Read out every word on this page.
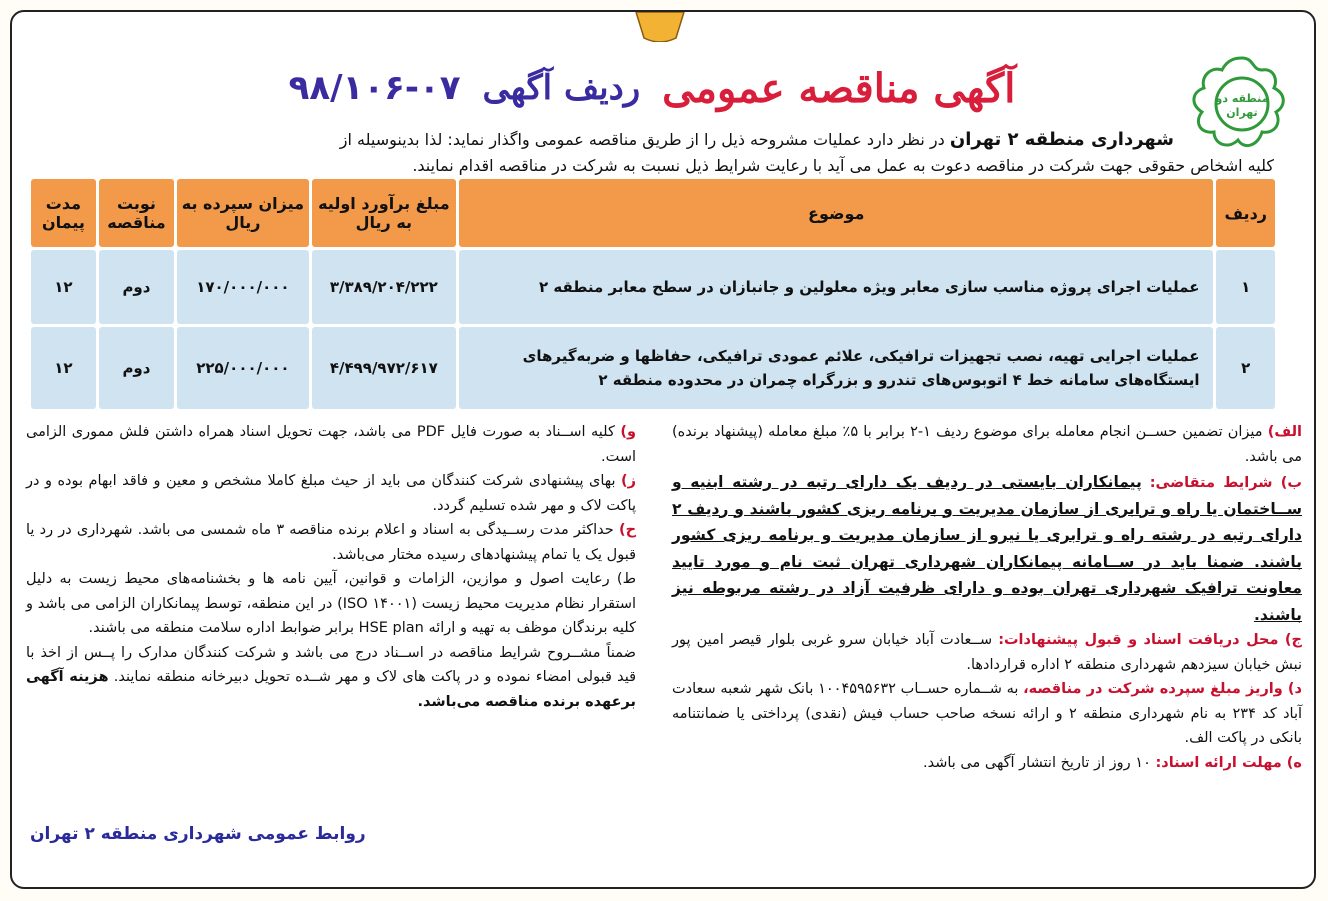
منطقه دو
تهران
آگهی مناقصه عمومی
ردیف آگهی
۹۸/۱۰۶-۰۷
شهرداری منطقه ۲ تهران در نظر دارد عملیات مشروحه ذیل را از طریق مناقصه عمومی واگذار نماید: لذا بدینوسیله از
کلیه اشخاص حقوقی جهت شرکت در مناقصه دعوت به عمل می آید با رعایت شرایط ذیل نسبت به شرکت در مناقصه اقدام نمایند.
ردیف	موضوع	مبلغ برآورد اولیه به ریال	میزان سپرده به ریال	نوبت مناقصه	مدت پیمان
۱	عملیات اجرای پروژه مناسب سازی معابر ویژه معلولین و جانبازان در سطح معابر منطقه ۲	۳/۳۸۹/۲۰۴/۲۲۲	۱۷۰/۰۰۰/۰۰۰	دوم	۱۲
۲	عملیات اجرایی تهیه، نصب تجهیزات ترافیکی، علائم عمودی ترافیکی، حفاظها و ضربه‌گیرهای ایستگاه‌های سامانه خط ۴ اتوبوس‌های تندرو و بزرگراه چمران در محدوده منطقه ۲	۴/۴۹۹/۹۷۲/۶۱۷	۲۲۵/۰۰۰/۰۰۰	دوم	۱۲
الف) میزان تضمین حســن انجام معامله برای موضوع ردیف ۱-۲ برابر با ۵٪ مبلغ معامله (پیشنهاد برنده) می باشد.
ب) شرایط متقاضی: پیمانکاران بایستی در ردیف یک دارای رتبه در رشته ابنیه و ســاختمان یا راه و ترابری از سازمان مدیریت و برنامه ریزی کشور باشند و ردیف ۲ دارای رتبه در رشته راه و ترابری یا نیرو از سازمان مدیریت و برنامه ریزی کشور باشند. ضمنا باید در ســامانه پیمانکاران شهرداری تهران ثبت نام و مورد تایید معاونت ترافیک شهرداری تهران بوده و دارای ظرفیت آزاد در رشته مربوطه نیز باشند.
ج) محل دریافت اسناد و قبول پیشنهادات: ســعادت آباد خیابان سرو غربی بلوار قیصر امین پور نبش خیابان سیزدهم شهرداری منطقه ۲ اداره قراردادها.
د) واریز مبلغ سپرده شرکت در مناقصه، به شــماره حســاب ۱۰۰۴۵۹۵۶۳۲ بانک شهر شعبه سعادت آباد کد ۲۳۴ به نام شهرداری منطقه ۲ و ارائه نسخه صاحب حساب فیش (نقدی) پرداختی یا ضمانتنامه بانکی در پاکت الف.
ه) مهلت ارائه اسناد: ۱۰ روز از تاریخ انتشار آگهی می باشد.
و) کلیه اســناد به صورت فایل PDF می باشد، جهت تحویل اسناد همراه داشتن فلش مموری الزامی است.
ز) بهای پیشنهادی شرکت کنندگان می باید از حیث مبلغ کاملا مشخص و معین و فاقد ابهام بوده و در پاکت لاک و مهر شده تسلیم گردد.
ح) حداکثر مدت رســیدگی به اسناد و اعلام برنده مناقصه ۳ ماه شمسی می باشد. شهرداری در رد یا قبول یک یا تمام پیشنهادهای رسیده مختار می‌باشد.
ط) رعایت اصول و موازین، الزامات و قوانین، آیین نامه ها و بخشنامه‌های محیط زیست به دلیل استقرار نظام مدیریت محیط زیست (ISO ۱۴۰۰۱) در این منطقه، توسط پیمانکاران الزامی می باشد و کلیه برندگان موظف به تهیه و ارائه HSE plan برابر ضوابط اداره سلامت منطقه می باشند.
ضمناً مشــروح شرایط مناقصه در اســناد درج می باشد و شرکت کنندگان مدارک را پــس از اخذ با قید قبولی امضاء نموده و در پاکت های لاک و مهر شــده تحویل دبیرخانه منطقه نمایند. هزینه آگهی برعهده برنده مناقصه می‌باشد.
روابط عمومی شهرداری منطقه ۲ تهران
